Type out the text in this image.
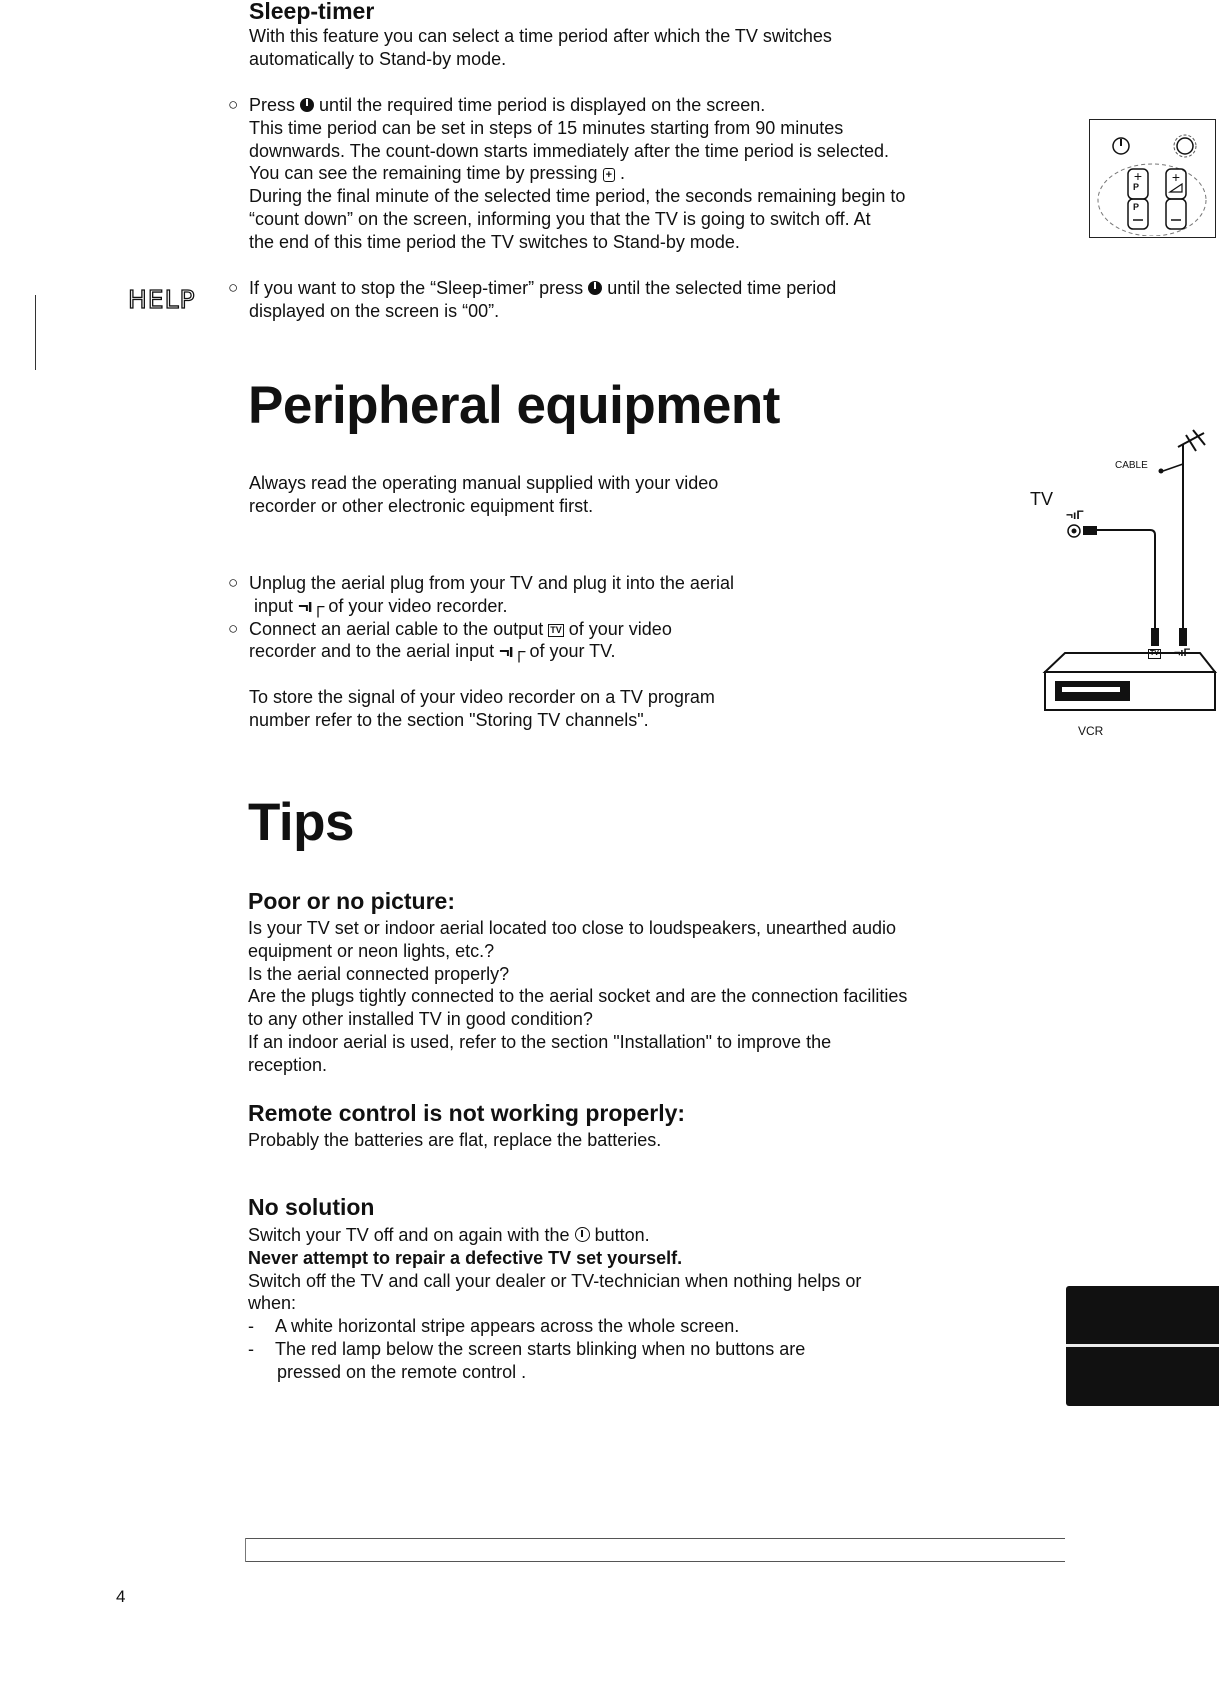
Sleep-timer
With this feature you can select a time period after which the TV switches
automatically to Stand-by mode.
○ Press until the required time period is displayed on the screen.
This time period can be set in steps of 15 minutes starting from 90 minutes
downwards. The count-down starts immediately after the time period is selected.
You can see the remaining time by pressing + .
During the final minute of the selected time period, the seconds remaining begin to
“count down” on the screen, informing you that the TV is going to switch off. At
the end of this time period the TV switches to Stand-by mode.
+ +
P
P
HELP ○ If you want to stop the “Sleep-timer” press until the selected time period
displayed on the screen is “00”.
Peripheral equipment
Always read the operating manual supplied with your video
recorder or other electronic equipment first.
○ Unplug the aerial plug from your TV and plug it into the aerial
input ¬ı┌ of your video recorder.
○ Connect an aerial cable to the output TV of your video
recorder and to the aerial input ¬ı┌ of your TV.
To store the signal of your video recorder on a TV program
number refer to the section "Storing TV channels".
TV
CABLE
¬ıΓ
TV ¬ıΓ
VCR
Tips
Poor or no picture:
Is your TV set or indoor aerial located too close to loudspeakers, unearthed audio
equipment or neon lights, etc.?
Is the aerial connected properly?
Are the plugs tightly connected to the aerial socket and are the connection facilities
to any other installed TV in good condition?
If an indoor aerial is used, refer to the section "Installation" to improve the
reception.
Remote control is not working properly:
Probably the batteries are flat, replace the batteries.
No solution
Switch your TV off and on again with the button.
Never attempt to repair a defective TV set yourself.
Switch off the TV and call your dealer or TV-technician when nothing helps or
when:
- A white horizontal stripe appears across the whole screen.
- The red lamp below the screen starts blinking when no buttons are
pressed on the remote control .
4
